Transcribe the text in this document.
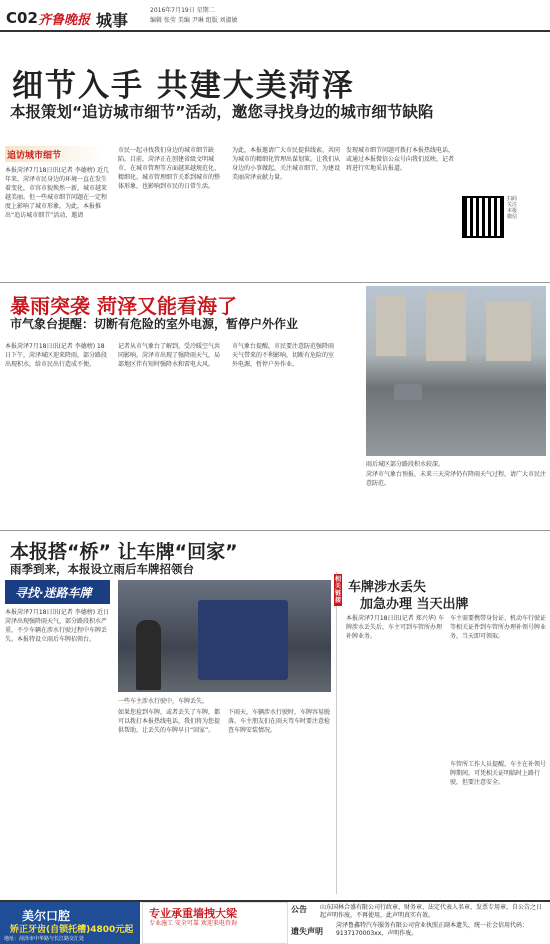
C02 齐鲁晚报 城事
2016年7月19日 星期二
编辑 张莹 美编 尹琳 组版 刘淑敏
细节入手 共建大美菏泽
本报策划“追访城市细节”活动，邀您寻找身边的城市细节缺陷
追访城市细节
本报菏泽7月18日讯(记者 李德榜) 近几年来，菏泽市民身边的环境一直在发生着变化，市容市貌焕然一新，城市越来越美丽。但一些城市细节问题在一定程度上影响了城市形象。为此，本报推出“追访城市细节”活动，邀请
市民一起寻找我们身边的城市细节缺陷。目前，菏泽正在创建省级文明城市，在城市管理等方面越来越规范化、精细化。城市管理细节关系到城市的整体形象，也影响到市民的日常生活。
为此，本报邀请广大市民提供线索，共同为城市的精细化管理出谋划策。让我们从身边的小事做起，关注城市细节，为建设美丽菏泽贡献力量。
发现城市细节问题可拨打本报热线电话，或通过本报微信公众号向我们反映，记者将进行实地采访报道。
扫码关注本报微信
暴雨突袭 菏泽又能看海了
市气象台提醒：切断有危险的室外电源，暂停户外作业
本报菏泽7月18日讯(记者 李德榜) 18日下午，菏泽城区迎来降雨，部分路段出现积水，给市民出行造成不便。
记者从市气象台了解到，受冷暖空气共同影响，菏泽市出现了强降雨天气，局部地区伴有短时强降水和雷电大风。
市气象台提醒，市民要注意防范强降雨天气带来的不利影响，切断有危险的室外电源，暂停户外作业。
雨后城区部分路段积水较深。
菏泽市气象台预报，未来三天菏泽仍有降雨天气过程，请广大市民注意防范。
本报搭“桥” 让车牌“回家”
雨季到来，本报设立雨后车牌招领台
寻找·迷路车牌
本报菏泽7月18日讯(记者 李德榜) 近日菏泽出现强降雨天气，部分路段积水严重，不少车辆在涉水行驶过程中车牌丢失。本报特设立雨后车牌招领台。
一些车主涉水行驶中，车牌丢失。
如果您捡到车牌，或者丢失了车牌，都可以拨打本报热线电话，我们将为您提供帮助，让丢失的车牌早日“回家”。
下雨天，车辆涉水行驶时，车牌容易脱落。车主朋友们在雨天驾车时要注意检查车牌安装情况。
相关链接
车牌涉水丢失
加急办理 当天出牌
本报菏泽7月18日讯(记者 郑兴华) 车牌涉水丢失后，车主可到车管所办理补牌业务。
车主需要携带身份证、机动车行驶证等相关证件到车管所办理补领号牌业务，当天即可领取。
车管所工作人员提醒，车主在补领号牌期间，可凭相关证明临时上路行驶，但要注意安全。
美尔口腔
矫正牙齿(自锁托槽)4800元起
地址：菏泽市中华路与长江路交汇处
专业承重墙拽大梁
专业施工 安全可靠 欢迎来电咨询
公告 山东国林合盛有限公司行政章、财务章、法定代表人名章、发票专用章，自公告之日起声明作废，不再使用，此声明真实有效。
遗失声明
菏泽鲁鑫特汽车服务有限公司营业执照正副本遗失，统一社会信用代码：9137170003xx，声明作废。
